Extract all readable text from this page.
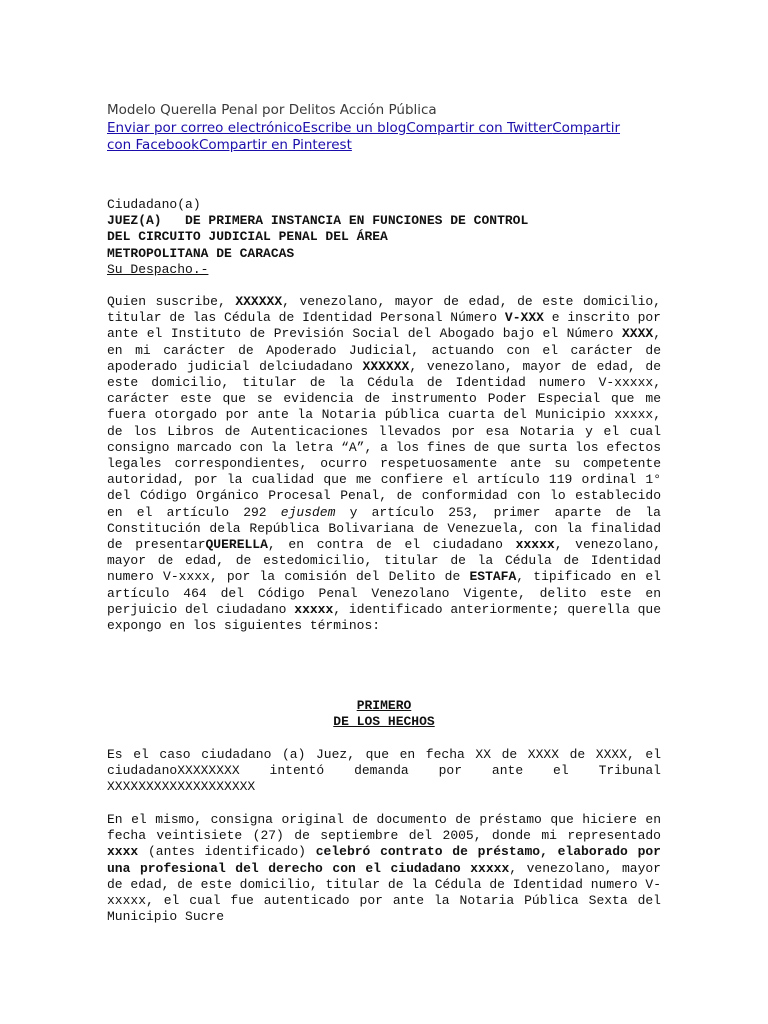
Modelo Querella Penal por Delitos Acción Pública
Enviar por correo electrónicoEscribe un blogCompartir con TwitterCompartir con FacebookCompartir en Pinterest

Ciudadano(a)

JUEZ(A)   DE PRIMERA INSTANCIA EN FUNCIONES DE CONTROL

DEL CIRCUITO JUDICIAL PENAL DEL ÁREA

METROPOLITANA DE CARACAS

Su Despacho.-

Quien suscribe, XXXXXX, venezolano, mayor de edad, de este domicilio, titular de las Cédula de Identidad Personal Número V-XXX e inscrito por ante el Instituto de Previsión Social del Abogado bajo el Número XXXX, en mi carácter de Apoderado Judicial, actuando con el carácter de apoderado judicial delciudadano XXXXXX, venezolano, mayor de edad, de este domicilio, titular de la Cédula de Identidad numero V-xxxxx, carácter este que se evidencia de instrumento Poder Especial que me fuera otorgado por ante la Notaria pública cuarta del Municipio xxxxx, de los Libros de Autenticaciones llevados por esa Notaria y el cual consigno marcado con la letra “A”, a los fines de que surta los efectos legales correspondientes, ocurro respetuosamente ante su competente autoridad, por la cualidad que me confiere el artículo 119 ordinal 1° del Código Orgánico Procesal Penal, de conformidad con lo establecido en el artículo 292 ejusdem y artículo 253, primer aparte de la Constitución dela República Bolivariana de Venezuela, con la finalidad de presentarQUERELLA, en contra de el ciudadano xxxxx, venezolano, mayor de edad, de estedomicilio, titular de la Cédula de Identidad numero V-xxxx, por la comisión del Delito de ESTAFA, tipificado en el artículo 464 del Código Penal Venezolano Vigente, delito este en perjuicio del ciudadano xxxxx, identificado anteriormente; querella que expongo en los siguientes términos:

PRIMERO
DE LOS HECHOS

Es el caso ciudadano (a) Juez, que en fecha XX de XXXX de XXXX, el ciudadanoXXXXXXXX intentó demanda por ante el Tribunal XXXXXXXXXXXXXXXXXXX

En el mismo, consigna original de documento de préstamo que hiciere en fecha veintisiete (27) de septiembre del 2005, donde mi representado xxxx (antes identificado) celebró contrato de préstamo, elaborado por una profesional del derecho con el ciudadano xxxxx, venezolano, mayor de edad, de este domicilio, titular de la Cédula de Identidad numero V-xxxxx, el cual fue autenticado por ante la Notaria Pública Sexta del Municipio Sucre
